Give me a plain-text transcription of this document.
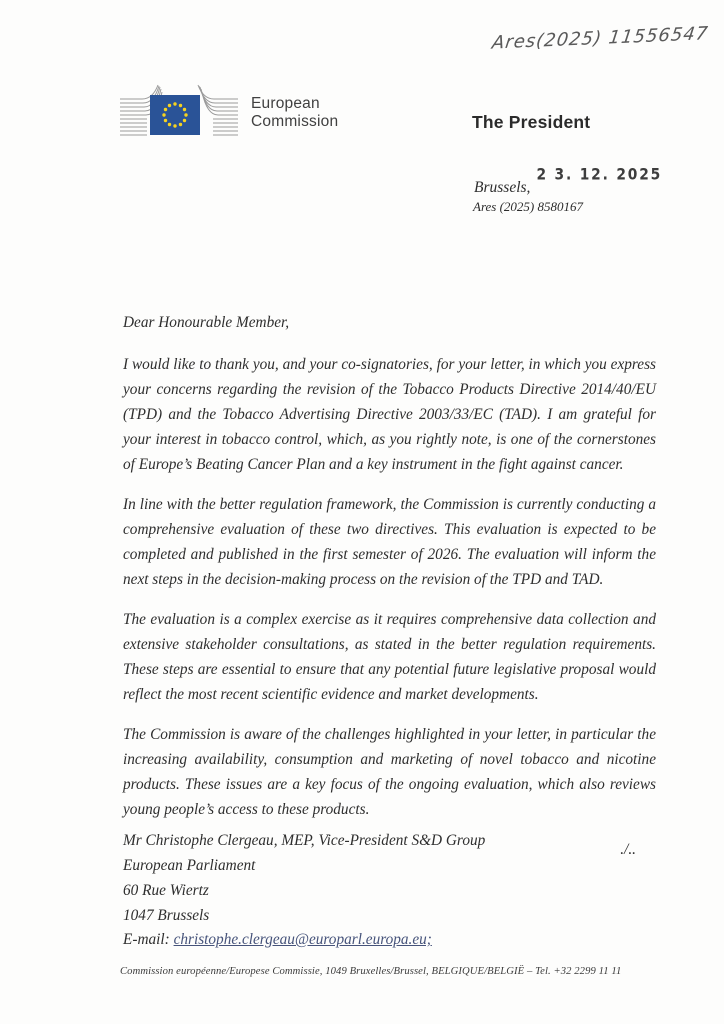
Ares(2025) 11556547
European
Commission	The President
2 3. 12. 2025
Brussels,
Ares (2025) 8580167

Dear Honourable Member,

I would like to thank you, and your co-signatories, for your letter, in which you express your concerns regarding the revision of the Tobacco Products Directive 2014/40/EU (TPD) and the Tobacco Advertising Directive 2003/33/EC (TAD). I am grateful for your interest in tobacco control, which, as you rightly note, is one of the cornerstones of Europe’s Beating Cancer Plan and a key instrument in the fight against cancer.

In line with the better regulation framework, the Commission is currently conducting a comprehensive evaluation of these two directives. This evaluation is expected to be completed and published in the first semester of 2026. The evaluation will inform the next steps in the decision-making process on the revision of the TPD and TAD.

The evaluation is a complex exercise as it requires comprehensive data collection and extensive stakeholder consultations, as stated in the better regulation requirements. These steps are essential to ensure that any potential future legislative proposal would reflect the most recent scientific evidence and market developments.

The Commission is aware of the challenges highlighted in your letter, in particular the increasing availability, consumption and marketing of novel tobacco and nicotine products. These issues are a key focus of the ongoing evaluation, which also reviews young people’s access to these products.

./..
Mr Christophe Clergeau, MEP, Vice-President S&D Group
European Parliament
60 Rue Wiertz
1047 Brussels
E-mail: christophe.clergeau@europarl.europa.eu;
Commission européenne/Europese Commissie, 1049 Bruxelles/Brussel, BELGIQUE/BELGIË – Tel. +32 2299 11 11
